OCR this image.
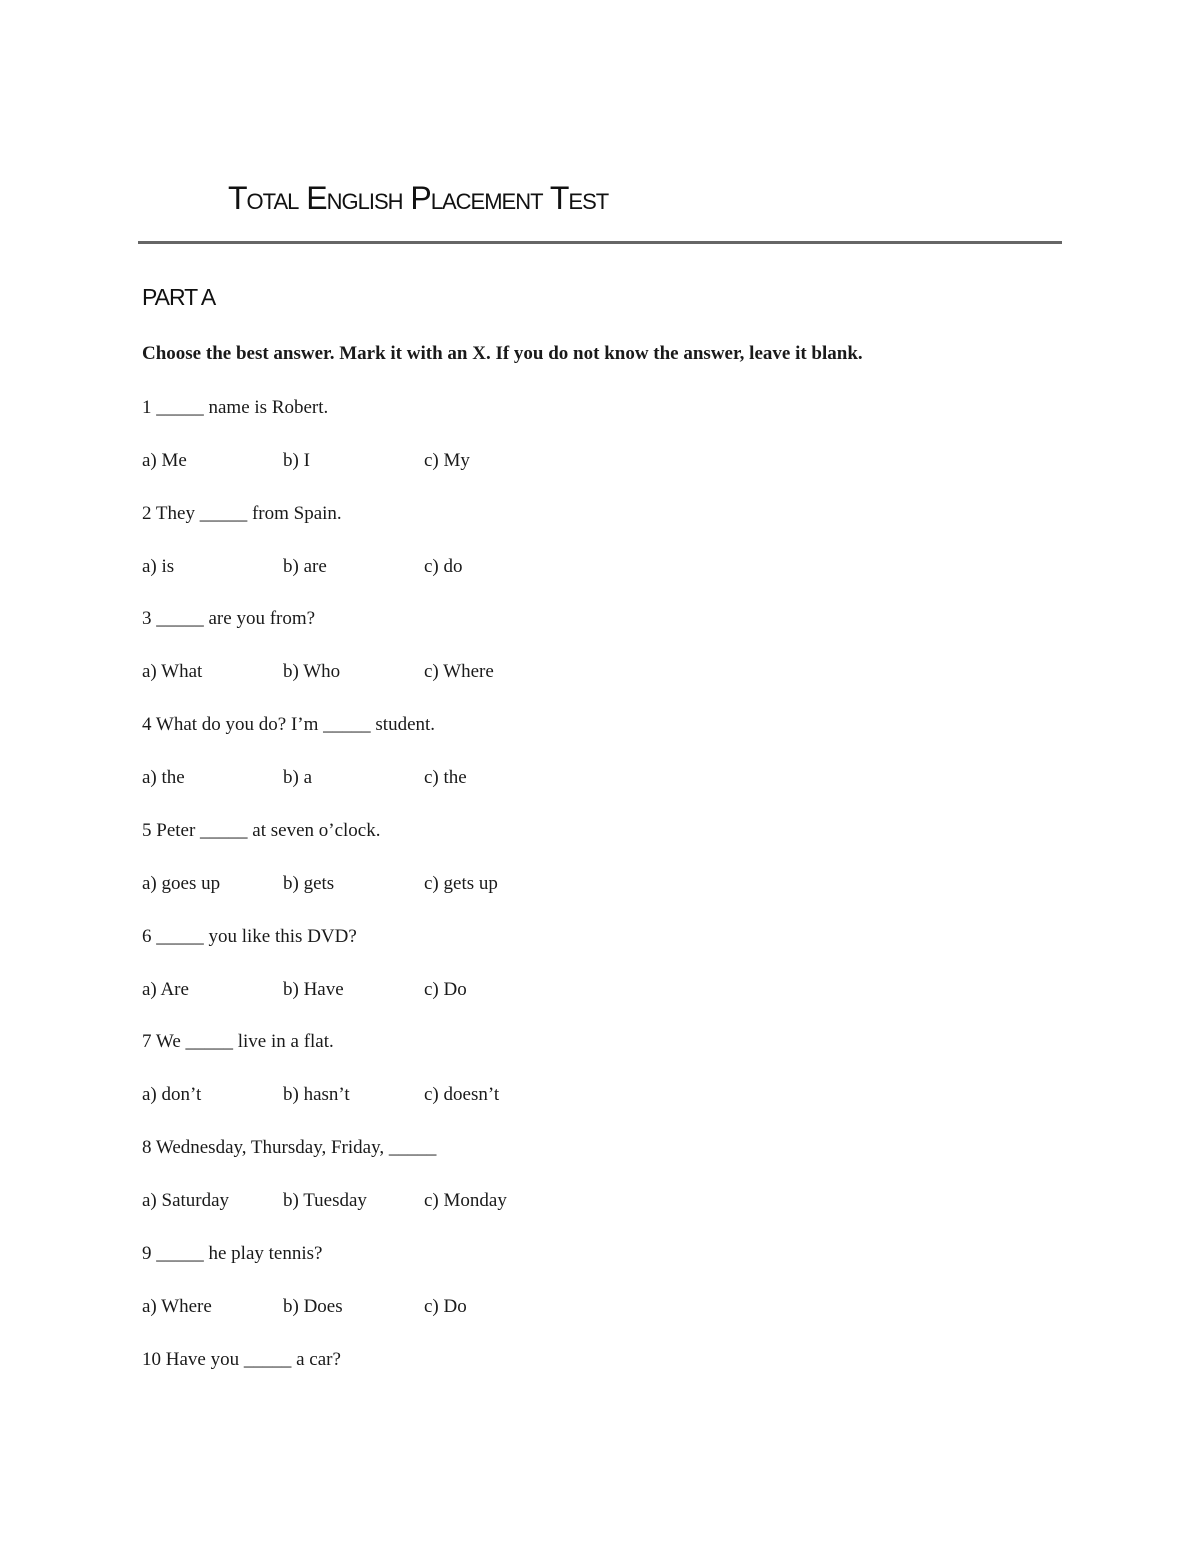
Total English Placement Test
PART A
Choose the best answer. Mark it with an X. If you do not know the answer, leave it blank.
1 _____ name is Robert.
a) Me	b) I	c) My
2 They _____ from Spain.
a) is	b) are	c) do
3 _____ are you from?
a) What	b) Who	c) Where
4 What do you do? I’m _____ student.
a) the	b) a	c) the
5 Peter _____ at seven o’clock.
a) goes up	b) gets	c) gets up
6 _____ you like this DVD?
a) Are	b) Have	c) Do
7 We _____ live in a flat.
a) don’t	b) hasn’t	c) doesn’t
8 Wednesday, Thursday, Friday, _____
a) Saturday	b) Tuesday	c) Monday
9 _____ he play tennis?
a) Where	b) Does	c) Do
10 Have you _____ a car?
